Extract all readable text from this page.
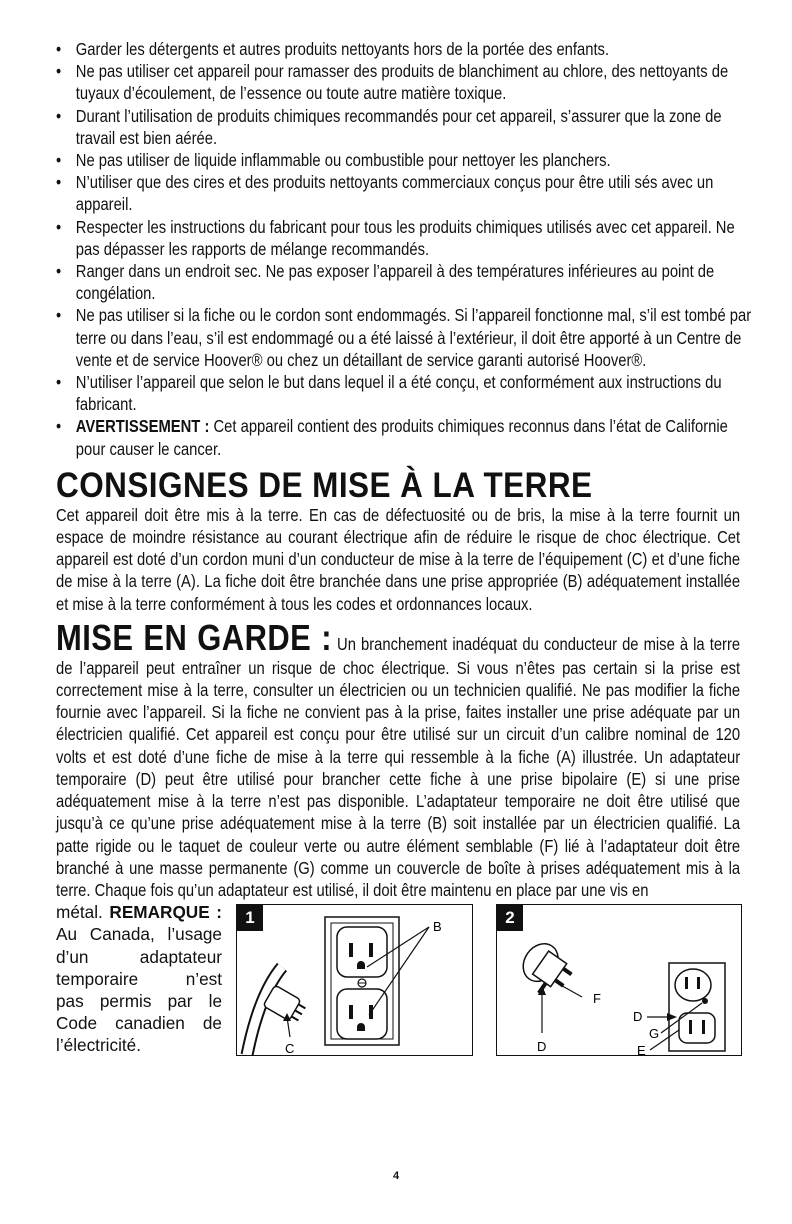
• Garder les détergents et autres produits nettoyants hors de la portée des enfants.
• Ne pas utiliser cet appareil pour ramasser des produits de blanchiment au chlore, des nettoyants de tuyaux d’écoulement, de l’essence ou toute autre matière toxique.
• Durant l’utilisation de produits chimiques recommandés pour cet appareil, s’assurer que la zone de travail est bien aérée.
• Ne pas utiliser de liquide inflammable ou combustible pour nettoyer les planchers.
• N’utiliser que des cires et des produits nettoyants commerciaux conçus pour être utili sés avec un appareil.
• Respecter les instructions du fabricant pour tous les produits chimiques utilisés avec cet appareil. Ne pas dépasser les rapports de mélange recommandés.
• Ranger dans un endroit sec. Ne pas exposer l’appareil à des températures inférieures au point de congélation.
• Ne pas utiliser si la fiche ou le cordon sont endommagés. Si l’appareil fonctionne mal, s’il est tombé par terre ou dans l’eau, s’il est endommagé ou a été laissé à l’extérieur, il doit être apporté à un Centre de vente et de service Hoover® ou chez un détaillant de service garanti autorisé Hoover®.
• N’utiliser l’appareil que selon le but dans lequel il a été conçu, et conformément aux instructions du fabricant.
• AVERTISSEMENT : Cet appareil contient des produits chimiques reconnus dans l’état de Californie pour causer le cancer.
CONSIGNES DE MISE À LA TERRE
Cet appareil doit être mis à la terre. En cas de défectuosité ou de bris, la mise à la terre fournit un espace de moindre résistance au courant électrique afin de réduire le risque de choc électrique. Cet appareil est doté d’un cordon muni d’un conducteur de mise à la terre de l’équipement (C) et d’une fiche de mise à la terre (A). La fiche doit être branchée dans une prise appropriée (B) adéquatement installée et mise à la terre conformément à tous les codes et ordonnances locaux.
MISE EN GARDE : Un branchement inadéquat du conducteur de mise à la terre de l’appareil peut entraîner un risque de choc électrique. Si vous n’êtes pas certain si la prise est correctement mise à la terre, consulter un électricien ou un technicien qualifié. Ne pas modifier la fiche fournie avec l’appareil. Si la fiche ne convient pas à la prise, faites installer une prise adéquate par un électricien qualifié. Cet appareil est conçu pour être utilisé sur un circuit d’un calibre nominal de 120 volts et est doté d’une fiche de mise à la terre qui ressemble à la fiche (A) illustrée. Un adaptateur temporaire (D) peut être utilisé pour brancher cette fiche à une prise bipolaire (E) si une prise adéquatement mise à la terre n’est pas disponible. L’adaptateur temporaire ne doit être utilisé que jusqu’à ce qu’une prise adéquatement mise à la terre (B) soit installée par un électricien qualifié. La patte rigide ou le taquet de couleur verte ou autre élément semblable (F) lié à l’adaptateur doit être branché à une masse permanente (G) comme un couvercle de boîte à prises adéquatement mis à la terre. Chaque fois qu’un adaptateur est utilisé, il doit être maintenu en place par une vis en
métal. REMARQUE :
Au Canada, l’usage
d’un adaptateur
temporaire n’est
pas permis par le
Code canadien de
l’électricité.
B
C
1
F
D
D
G
E
2
4
